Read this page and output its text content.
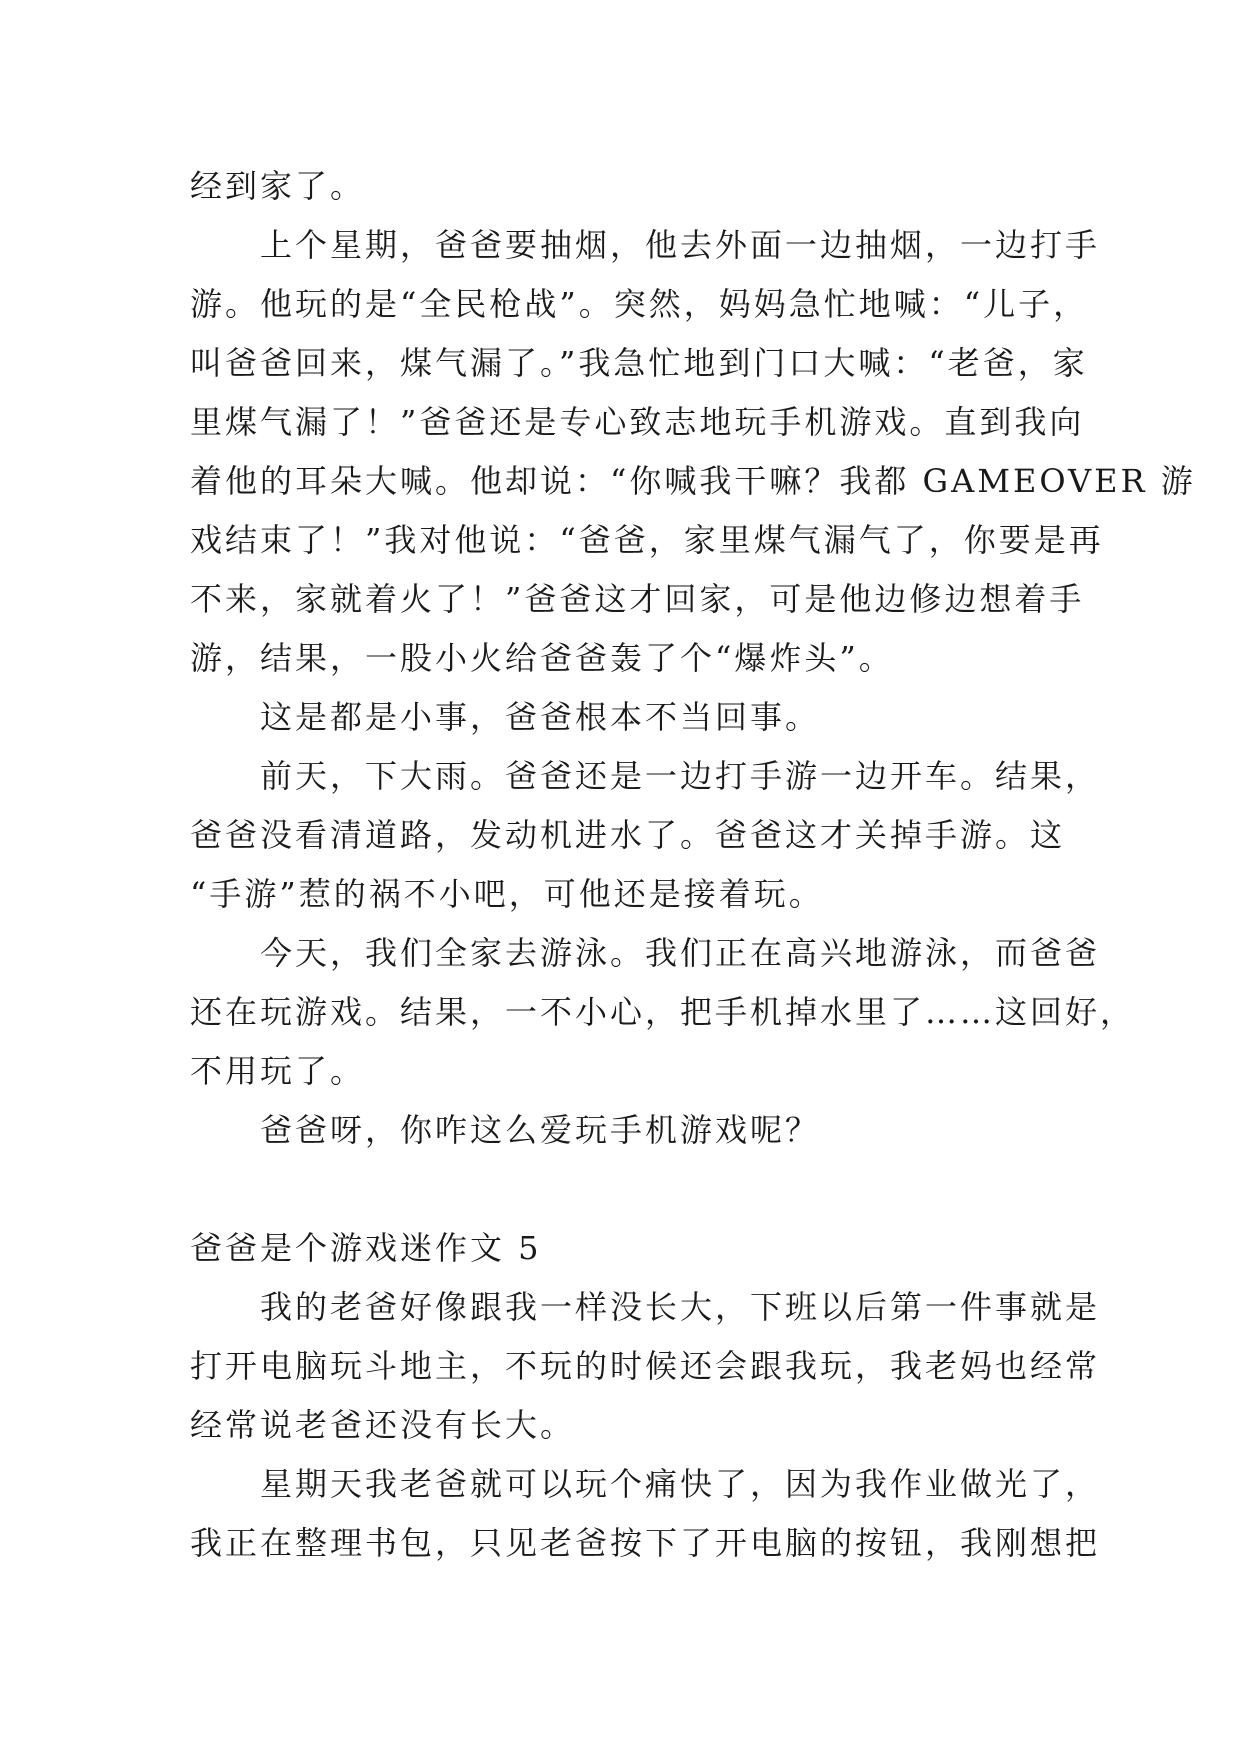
经到家了。
上个星期，爸爸要抽烟，他去外面一边抽烟，一边打手
游。他玩的是“全民枪战”。突然，妈妈急忙地喊：“儿子，
叫爸爸回来，煤气漏了。”我急忙地到门口大喊：“老爸，家
里煤气漏了！”爸爸还是专心致志地玩手机游戏。直到我向
着他的耳朵大喊。他却说：“你喊我干嘛？我都 GAMEOVER 游
戏结束了！”我对他说：“爸爸，家里煤气漏气了，你要是再
不来，家就着火了！”爸爸这才回家，可是他边修边想着手
游，结果，一股小火给爸爸轰了个“爆炸头”。
这是都是小事，爸爸根本不当回事。
前天，下大雨。爸爸还是一边打手游一边开车。结果，
爸爸没看清道路，发动机进水了。爸爸这才关掉手游。这
“手游”惹的祸不小吧，可他还是接着玩。
今天，我们全家去游泳。我们正在高兴地游泳，而爸爸
还在玩游戏。结果，一不小心，把手机掉水里了……这回好，
不用玩了。
爸爸呀，你咋这么爱玩手机游戏呢？
爸爸是个游戏迷作文 5
我的老爸好像跟我一样没长大，下班以后第一件事就是
打开电脑玩斗地主，不玩的时候还会跟我玩，我老妈也经常
经常说老爸还没有长大。
星期天我老爸就可以玩个痛快了，因为我作业做光了，
我正在整理书包，只见老爸按下了开电脑的按钮，我刚想把
